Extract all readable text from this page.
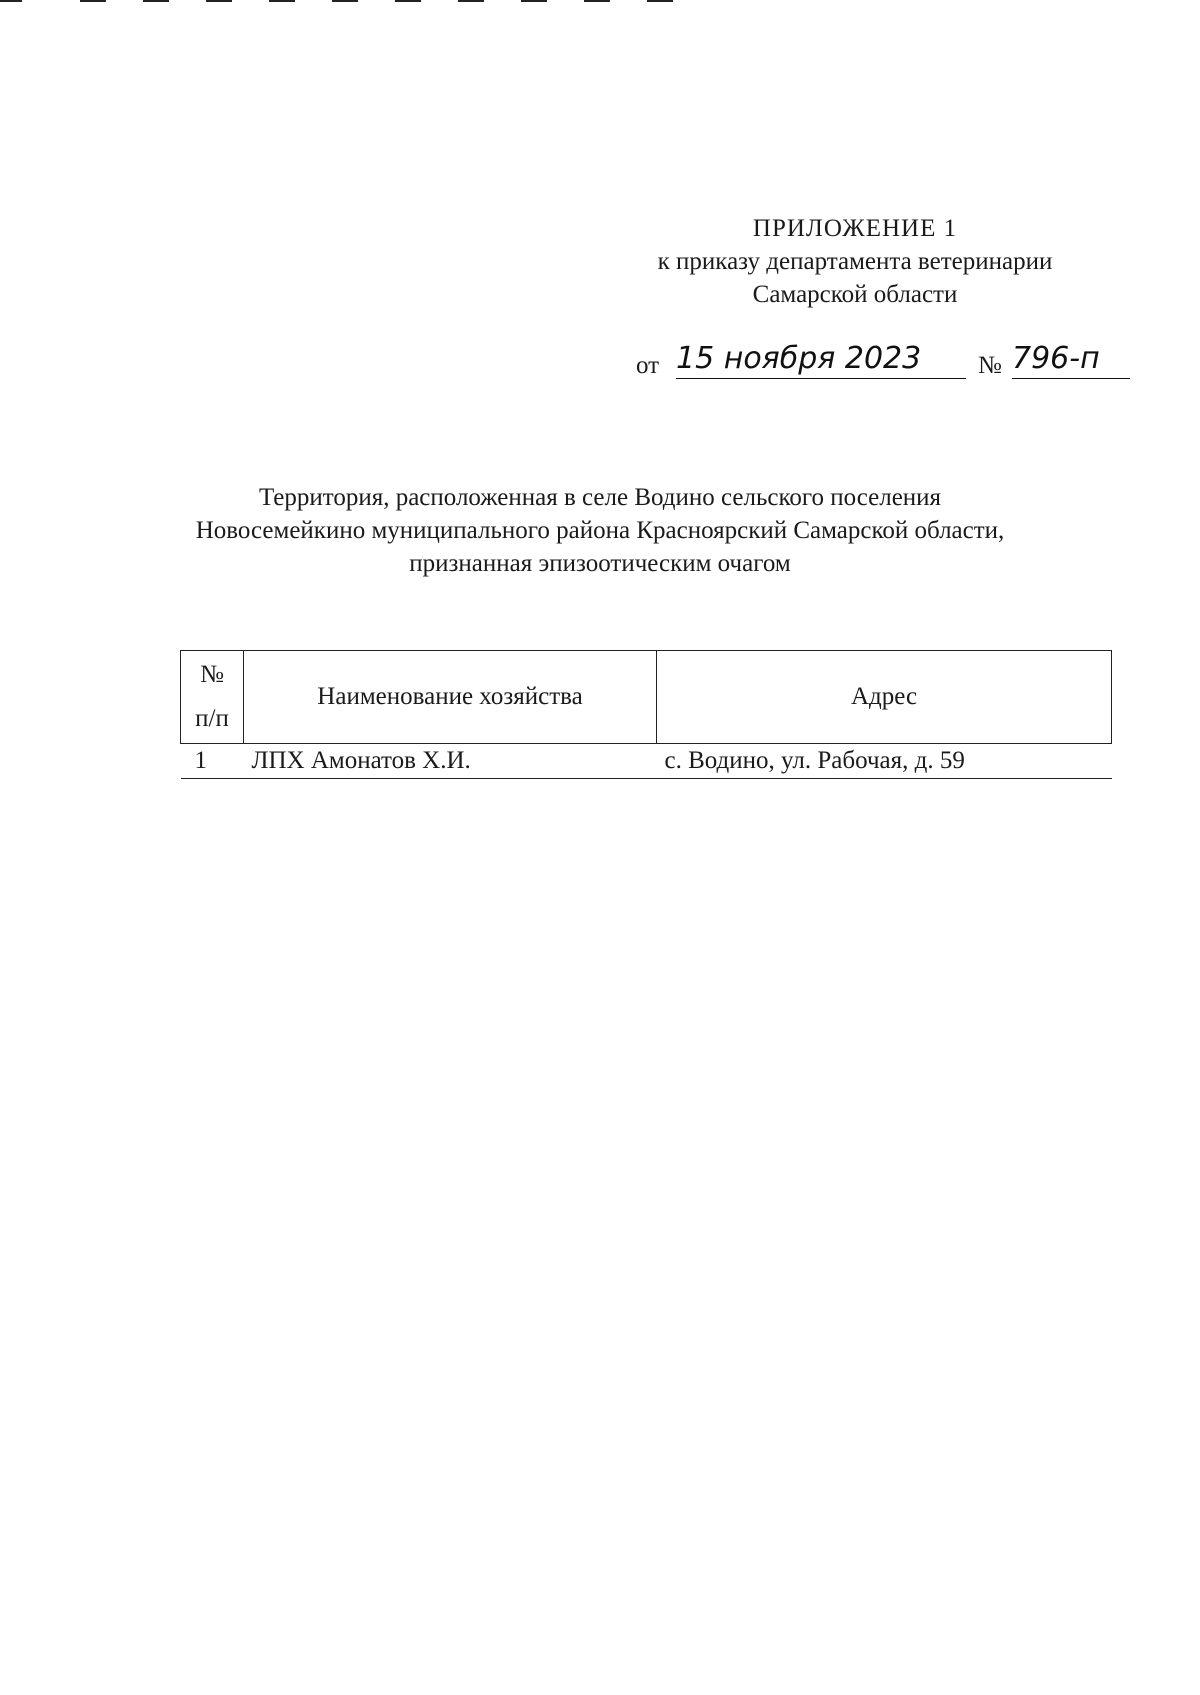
ПРИЛОЖЕНИЕ 1
к приказу департамента ветеринарии
Самарской области
от 15 ноября 2023	№ 796-п
Территория, расположенная в селе Водино сельского поселения
Новосемейкино муниципального района Красноярский Самарской области,
признанная эпизоотическим очагом
№
п/п	Наименование хозяйства	Адрес
1	ЛПХ Амонатов Х.И.	с. Водино, ул. Рабочая, д. 59
